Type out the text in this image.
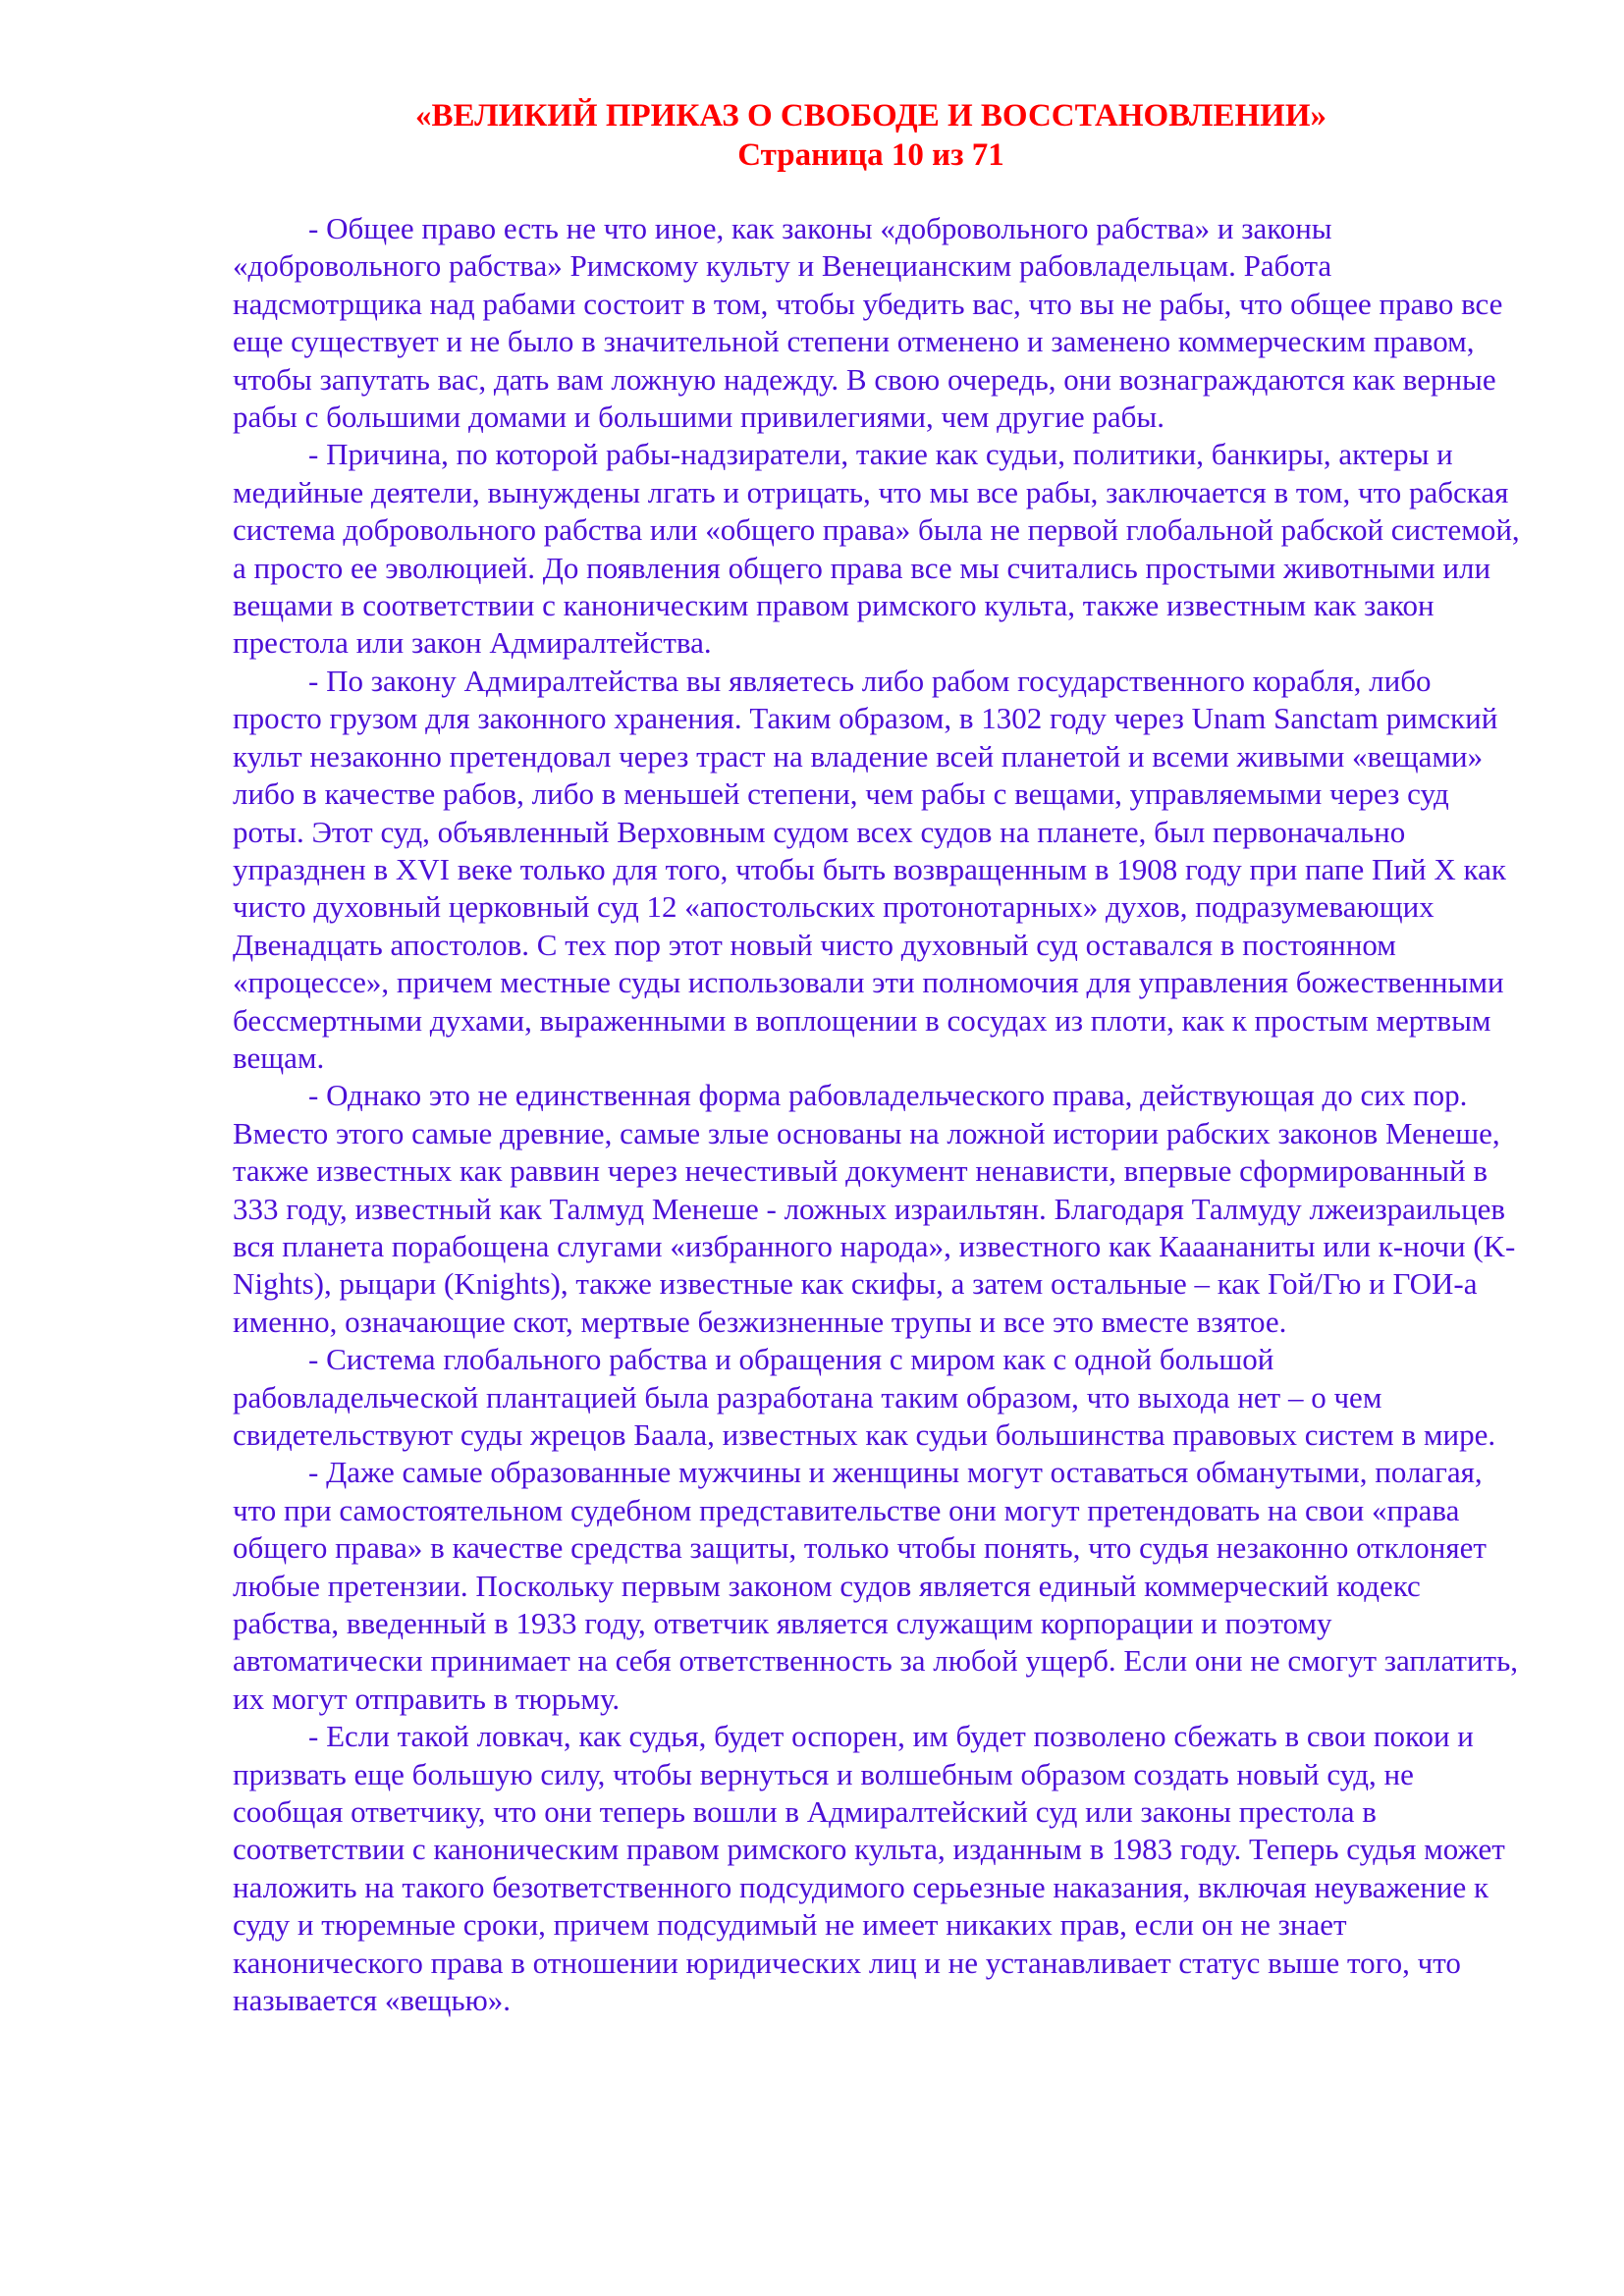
«ВЕЛИКИЙ ПРИКАЗ О СВОБОДЕ И ВОССТАНОВЛЕНИИ»
Страница 10 из 71

- Общее право есть не что иное, как законы «добровольного рабства» и законы «добровольного рабства» Римскому культу и Венецианским рабовладельцам. Работа надсмотрщика над рабами состоит в том, чтобы убедить вас, что вы не рабы, что общее право все еще существует и не было в значительной степени отменено и заменено коммерческим правом, чтобы запутать вас, дать вам ложную надежду. В свою очередь, они вознаграждаются как верные рабы с большими домами и большими привилегиями, чем другие рабы.

- Причина, по которой рабы-надзиратели, такие как судьи, политики, банкиры, актеры и медийные деятели, вынуждены лгать и отрицать, что мы все рабы, заключается в том, что рабская система добровольного рабства или «общего права» была не первой глобальной рабской системой, а просто ее эволюцией. До появления общего права все мы считались простыми животными или вещами в соответствии с каноническим правом римского культа, также известным как закон престола или закон Адмиралтейства.

- По закону Адмиралтейства вы являетесь либо рабом государственного корабля, либо просто грузом для законного хранения. Таким образом, в 1302 году через Unam Sanctam римский культ незаконно претендовал через траст на владение всей планетой и всеми живыми «вещами» либо в качестве рабов, либо в меньшей степени, чем рабы с вещами, управляемыми через суд роты. Этот суд, объявленный Верховным судом всех судов на планете, был первоначально упразднен в XVI веке только для того, чтобы быть возвращенным в 1908 году при папе Пий X как чисто духовный церковный суд 12 «апостольских протонотарных» духов, подразумевающих Двенадцать апостолов. С тех пор этот новый чисто духовный суд оставался в постоянном «процессе», причем местные суды использовали эти полномочия для управления божественными бессмертными духами, выраженными в воплощении в сосудах из плоти, как к простым мертвым вещам.

- Однако это не единственная форма рабовладельческого права, действующая до сих пор. Вместо этого самые древние, самые злые основаны на ложной истории рабских законов Менеше, также известных как раввин через нечестивый документ ненависти, впервые сформированный в 333 году, известный как Талмуд Менеше - ложных израильтян. Благодаря Талмуду лжеизраильцев вся планета порабощена слугами «избранного народа», известного как Кааананиты или к-ночи (K-Nights), рыцари (Knights), также известные как скифы, а затем остальные – как Гой/Гю и ГОИ-а именно, означающие скот, мертвые безжизненные трупы и все это вместе взятое.

- Система глобального рабства и обращения с миром как с одной большой рабовладельческой плантацией была разработана таким образом, что выхода нет – о чем свидетельствуют суды жрецов Баала, известных как судьи большинства правовых систем в мире.

- Даже самые образованные мужчины и женщины могут оставаться обманутыми, полагая, что при самостоятельном судебном представительстве они могут претендовать на свои «права общего права» в качестве средства защиты, только чтобы понять, что судья незаконно отклоняет любые претензии. Поскольку первым законом судов является единый коммерческий кодекс рабства, введенный в 1933 году, ответчик является служащим корпорации и поэтому автоматически принимает на себя ответственность за любой ущерб. Если они не смогут заплатить, их могут отправить в тюрьму.

- Если такой ловкач, как судья, будет оспорен, им будет позволено сбежать в свои покои и призвать еще большую силу, чтобы вернуться и волшебным образом создать новый суд, не сообщая ответчику, что они теперь вошли в Адмиралтейский суд или законы престола в соответствии с каноническим правом римского культа, изданным в 1983 году. Теперь судья может наложить на такого безответственного подсудимого серьезные наказания, включая неуважение к суду и тюремные сроки, причем подсудимый не имеет никаких прав, если он не знает канонического права в отношении юридических лиц и не устанавливает статус выше того, что называется «вещью».
